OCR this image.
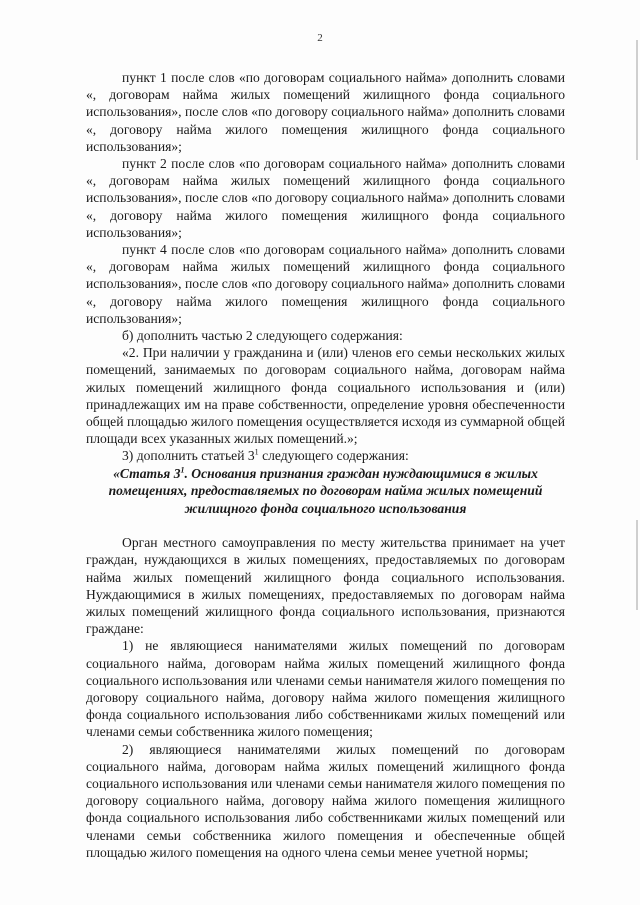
2

пункт 1 после слов «по договорам социального найма» дополнить словами «, договорам найма жилых помещений жилищного фонда социального использования», после слов «по договору социального найма» дополнить словами «, договору найма жилого помещения жилищного фонда социального использования»;

пункт 2 после слов «по договорам социального найма» дополнить словами «, договорам найма жилых помещений жилищного фонда социального использования», после слов «по договору социального найма» дополнить словами «, договору найма жилого помещения жилищного фонда социального использования»;

пункт 4 после слов «по договорам социального найма» дополнить словами «, договорам найма жилых помещений жилищного фонда социального использования», после слов «по договору социального найма» дополнить словами «, договору найма жилого помещения жилищного фонда социального использования»;

б) дополнить частью 2 следующего содержания:

«2. При наличии у гражданина и (или) членов его семьи нескольких жилых помещений, занимаемых по договорам социального найма, договорам найма жилых помещений жилищного фонда социального использования и (или) принадлежащих им на праве собственности, определение уровня обеспеченности общей площадью жилого помещения осуществляется исходя из суммарной общей площади всех указанных жилых помещений.»;

3) дополнить статьей $3^1$ следующего содержания:

«Статья $3^1$. Основания признания граждан нуждающимися в жилых помещениях, предоставляемых по договорам найма жилых помещений жилищного фонда социального использования

Орган местного самоуправления по месту жительства принимает на учет граждан, нуждающихся в жилых помещениях, предоставляемых по договорам найма жилых помещений жилищного фонда социального использования. Нуждающимися в жилых помещениях, предоставляемых по договорам найма жилых помещений жилищного фонда социального использования, признаются граждане:

1) не являющиеся нанимателями жилых помещений по договорам социального найма, договорам найма жилых помещений жилищного фонда социального использования или членами семьи нанимателя жилого помещения по договору социального найма, договору найма жилого помещения жилищного фонда социального использования либо собственниками жилых помещений или членами семьи собственника жилого помещения;

2) являющиеся нанимателями жилых помещений по договорам социального найма, договорам найма жилых помещений жилищного фонда социального использования или членами семьи нанимателя жилого помещения по договору социального найма, договору найма жилого помещения жилищного фонда социального использования либо собственниками жилых помещений или членами семьи собственника жилого помещения и обеспеченные общей площадью жилого помещения на одного члена семьи менее учетной нормы;
